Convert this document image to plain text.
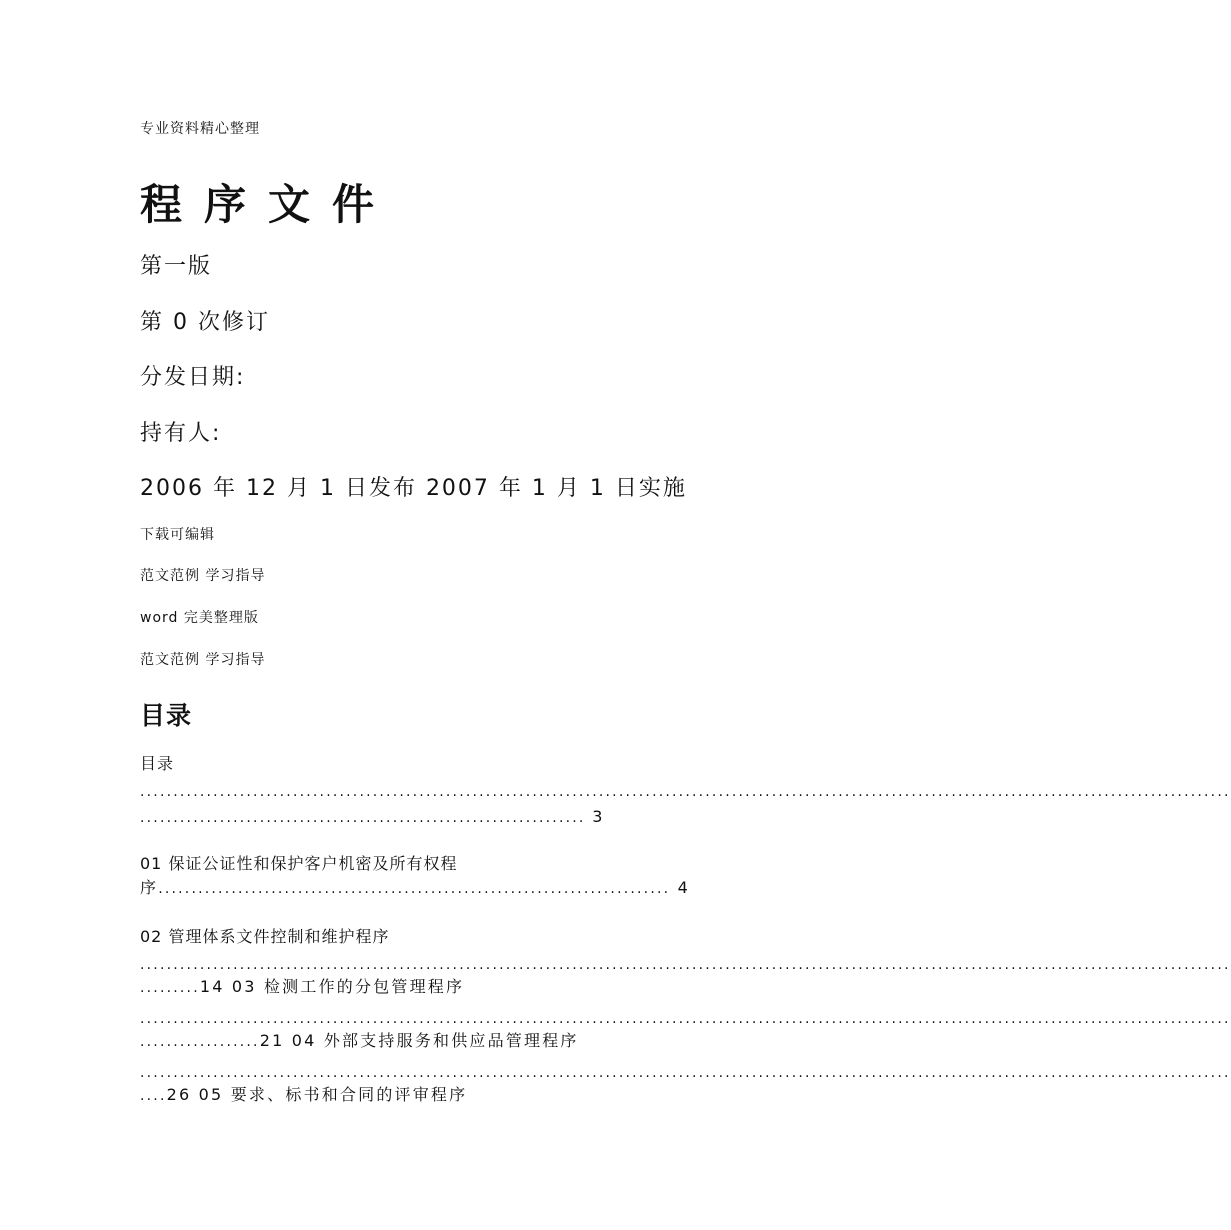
专业资料精心整理
程序文件
第一版
第 0 次修订
分发日期:
持有人:
2006 年 12 月 1 日发布 2007 年 1 月 1 日实施
下载可编辑
范文范例 学习指导
word 完美整理版
范文范例 学习指导
目录
目录
....................................................................................................................................................................
................................................................... 3
01 保证公证性和保护客户机密及所有权程
序............................................................................. 4
02 管理体系文件控制和维护程序
....................................................................................................................................................................
.........14 03 检测工作的分包管理程序
....................................................................................................................................................................
..................21 04 外部支持服务和供应品管理程序
....................................................................................................................................................................
....26 05 要求、标书和合同的评审程序
